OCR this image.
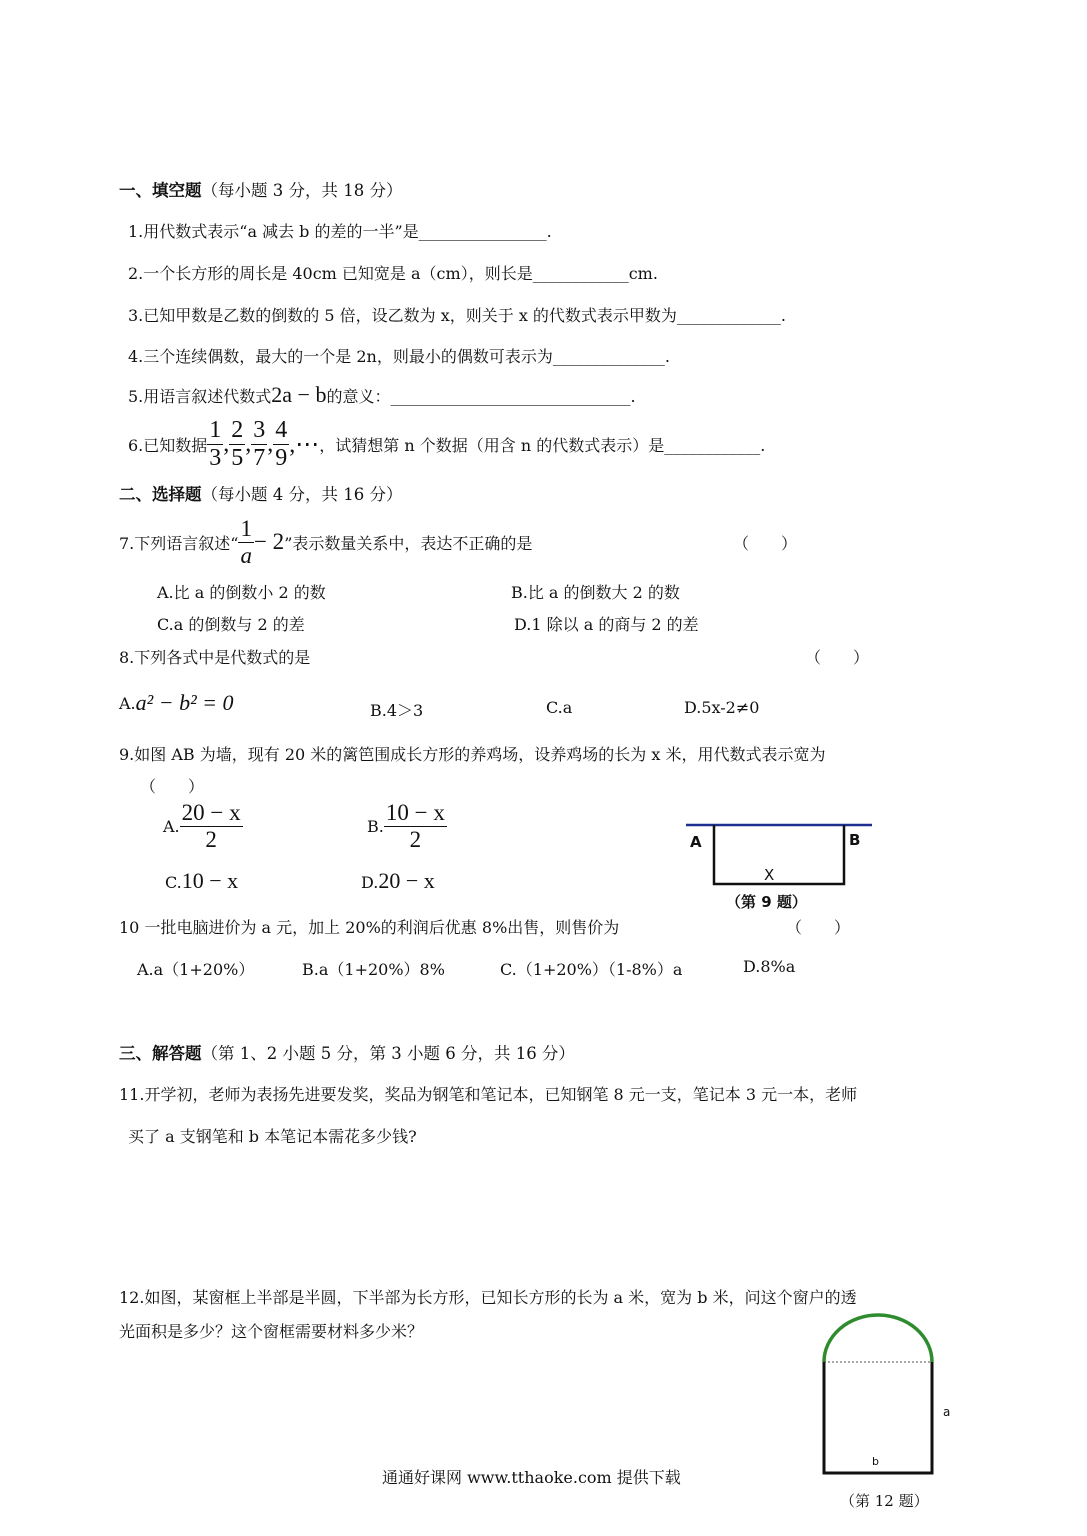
一、填空题（每小题 3 分，共 18 分）
1.用代数式表示“a 减去 b 的差的一半”是________________.
2.一个长方形的周长是 40cm 已知宽是 a（cm），则长是____________cm.
3.已知甲数是乙数的倒数的 5 倍，设乙数为 x，则关于 x 的代数式表示甲数为_____________.
4.三个连续偶数，最大的一个是 2n，则最小的偶数可表示为______________.
5.用语言叙述代数式2a − b的意义：______________________________.
6.已知数据 $\frac{1}{3}$ , $\frac{2}{5}$ , $\frac{3}{7}$ , $\frac{4}{9}$ ,⋯ ，试猜想第 n 个数据（用含 n 的代数式表示）是____________.
二、选择题（每小题 4 分，共 16 分）
7.下列语言叙述“ $\frac{1}{a} - 2$ ”表示数量关系中，表达不正确的是	（　　）
A.比 a 的倒数小 2 的数	B.比 a 的倒数大 2 的数
C.a 的倒数与 2 的差	D.1 除以 a 的商与 2 的差
8.下列各式中是代数式的是	（　　）
A. a² − b² = 0	B.4＞3	C.a	D.5x-2≠0
9.如图 AB 为墙，现有 20 米的篱笆围成长方形的养鸡场，设养鸡场的长为 x 米，用代数式表示宽为
（　　）
A. $\frac{20 - x}{2}$	B. $\frac{10 - x}{2}$
C. 10 − x	D. 20 − x
A	B
X
（第 9 题）
10 一批电脑进价为 a 元，加上 20%的利润后优惠 8%出售，则售价为	（　　）
A.a（1+20%）	B.a（1+20%）8%	C.（1+20%）（1-8%）a	D.8%a
三、解答题（第 1、2 小题 5 分，第 3 小题 6 分，共 16 分）
11.开学初，老师为表扬先进要发奖，奖品为钢笔和笔记本，已知钢笔 8 元一支，笔记本 3 元一本，老师
买了 a 支钢笔和 b 本笔记本需花多少钱?
12.如图，某窗框上半部是半圆，下半部为长方形，已知长方形的长为 a 米，宽为 b 米，问这个窗户的透
光面积是多少？这个窗框需要材料多少米？
a
b
（第 12 题）
通通好课网 www.tthaoke.com 提供下载
